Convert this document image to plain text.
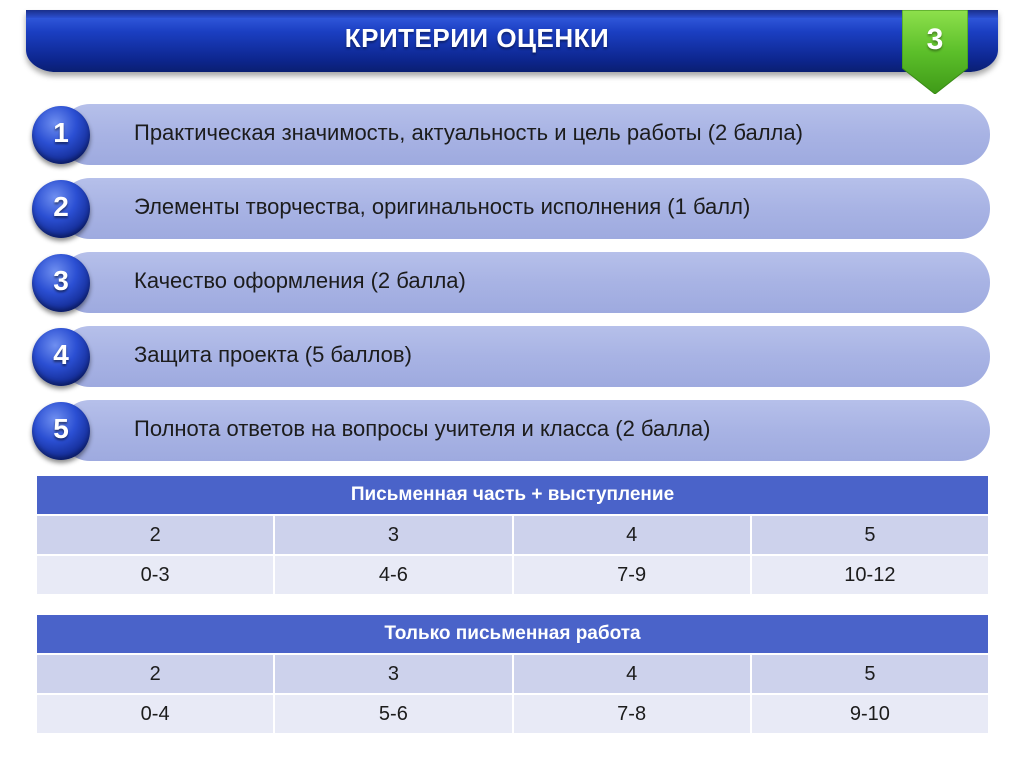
КРИТЕРИИ ОЦЕНКИ	3
Практическая значимость, актуальность и цель работы (2 балла)
1
Элементы творчества, оригинальность исполнения (1 балл)
2
Качество оформления (2 балла)
3
Защита проекта (5 баллов)
4
Полнота ответов на вопросы учителя и класса (2 балла)
5
Письменная часть + выступление			
2	3	4	5
0-3	4-6	7-9	10-12
Только письменная работа			
2	3	4	5
0-4	5-6	7-8	9-10
